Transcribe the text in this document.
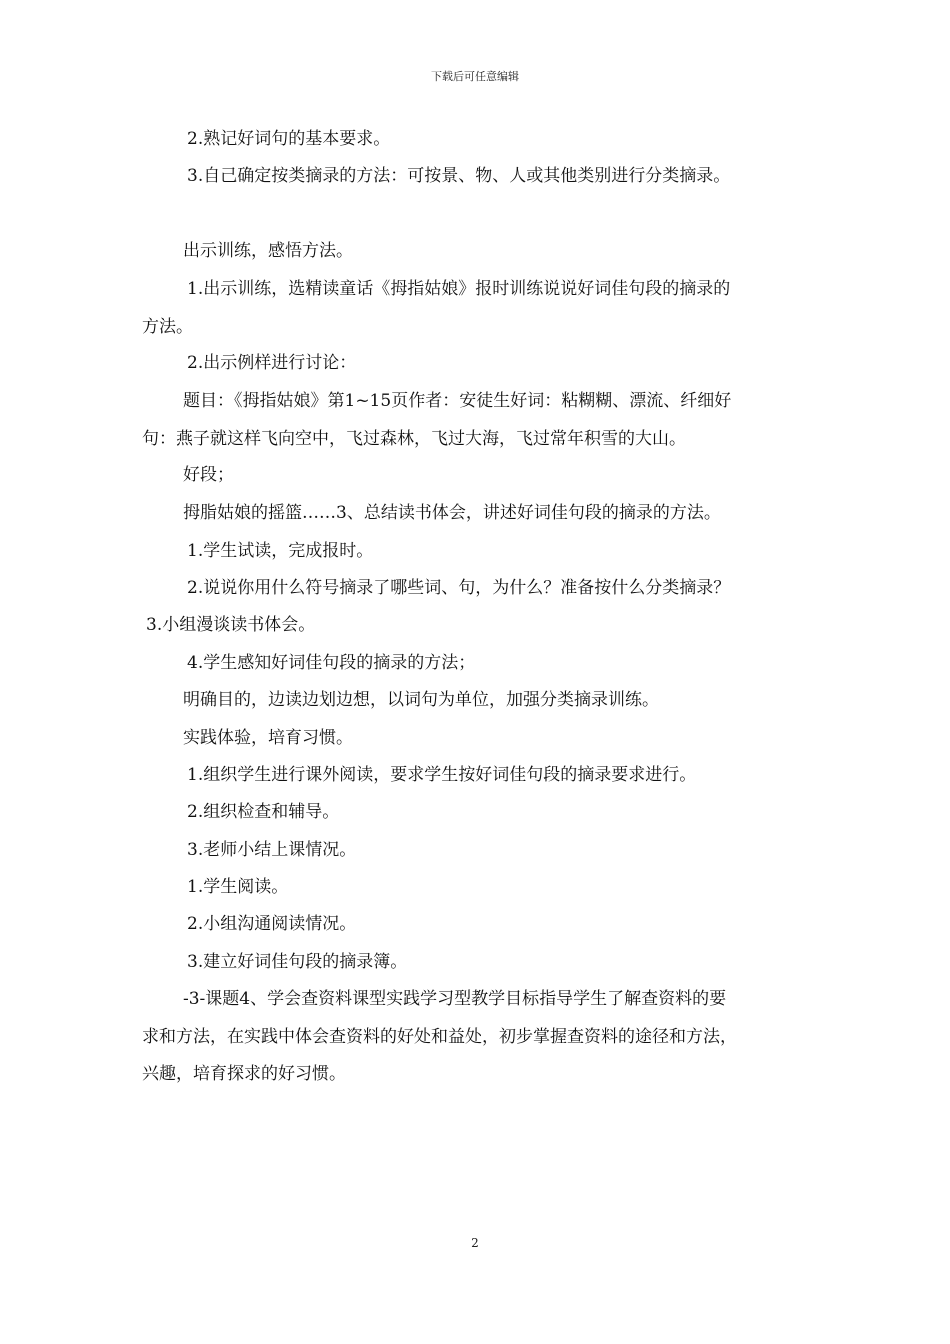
下载后可任意编辑
2.熟记好词句的基本要求。
3.自己确定按类摘录的方法：可按景、物、人或其他类别进行分类摘录。
出示训练，感悟方法。
1.出示训练，选精读童话《拇指姑娘》报时训练说说好词佳句段的摘录的
方法。
2.出示例样进行讨论：
题目：《拇指姑娘》第1~15页作者：安徒生好词：粘糊糊、漂流、纤细好
句：燕子就这样飞向空中，飞过森林，飞过大海，飞过常年积雪的大山。
好段；
拇脂姑娘的摇篮……3、总结读书体会，讲述好词佳句段的摘录的方法。
1.学生试读，完成报时。
2.说说你用什么符号摘录了哪些词、句，为什么？准备按什么分类摘录？
3.小组漫谈读书体会。
4.学生感知好词佳句段的摘录的方法；
明确目的，边读边划边想，以词句为单位，加强分类摘录训练。
实践体验，培育习惯。
1.组织学生进行课外阅读，要求学生按好词佳句段的摘录要求进行。
2.组织检查和辅导。
3.老师小结上课情况。
1.学生阅读。
2.小组沟通阅读情况。
3.建立好词佳句段的摘录簿。
-3-课题4、学会查资料课型实践学习型教学目标指导学生了解查资料的要
求和方法，在实践中体会查资料的好处和益处，初步掌握查资料的途径和方法，
兴趣，培育探求的好习惯。
2
